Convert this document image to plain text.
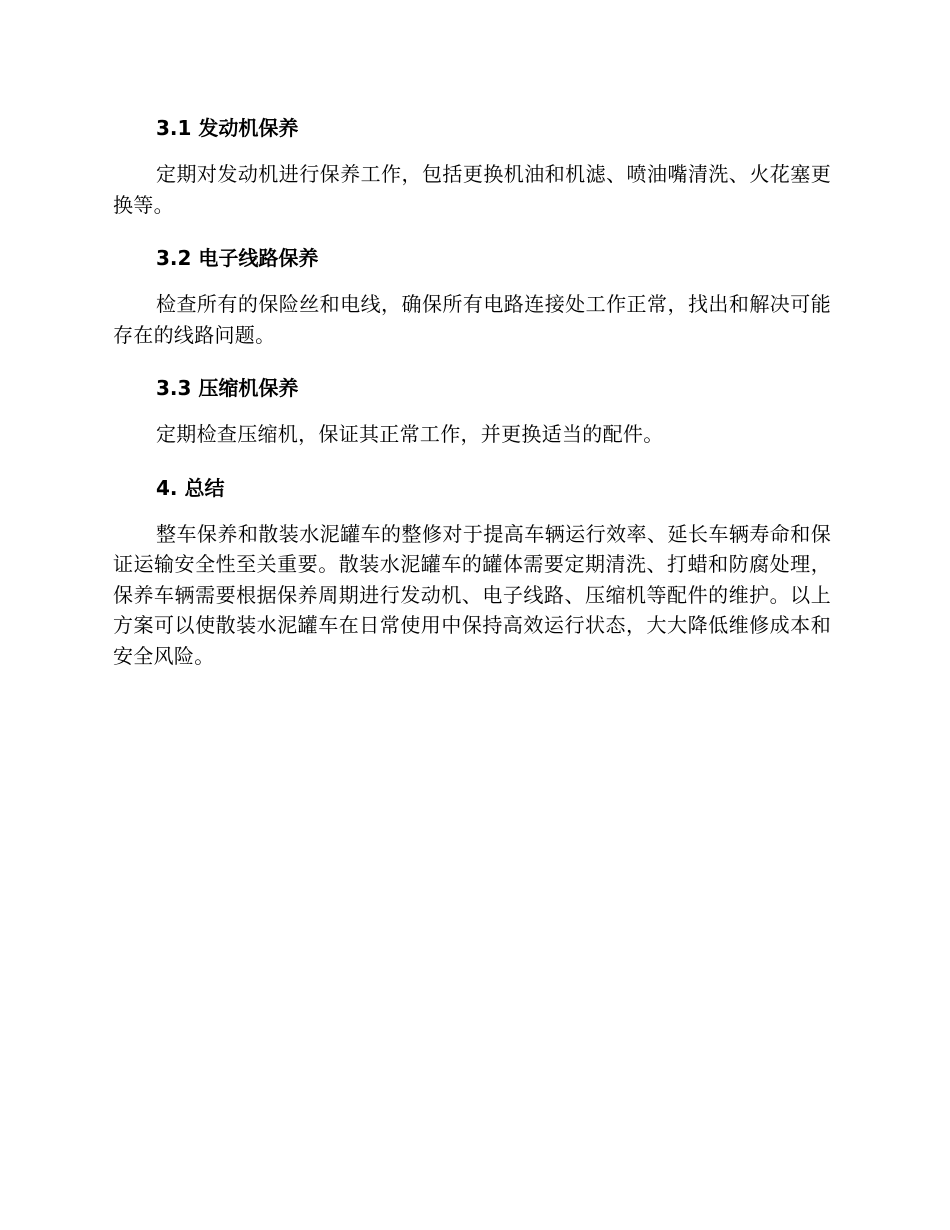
3.1 发动机保养

定期对发动机进行保养工作，包括更换机油和机滤、喷油嘴清洗、火花塞更换等。

3.2 电子线路保养

检查所有的保险丝和电线，确保所有电路连接处工作正常，找出和解决可能存在的线路问题。

3.3 压缩机保养

定期检查压缩机，保证其正常工作，并更换适当的配件。

4. 总结

整车保养和散装水泥罐车的整修对于提高车辆运行效率、延长车辆寿命和保证运输安全性至关重要。散装水泥罐车的罐体需要定期清洗、打蜡和防腐处理，保养车辆需要根据保养周期进行发动机、电子线路、压缩机等配件的维护。以上方案可以使散装水泥罐车在日常使用中保持高效运行状态，大大降低维修成本和安全风险。
